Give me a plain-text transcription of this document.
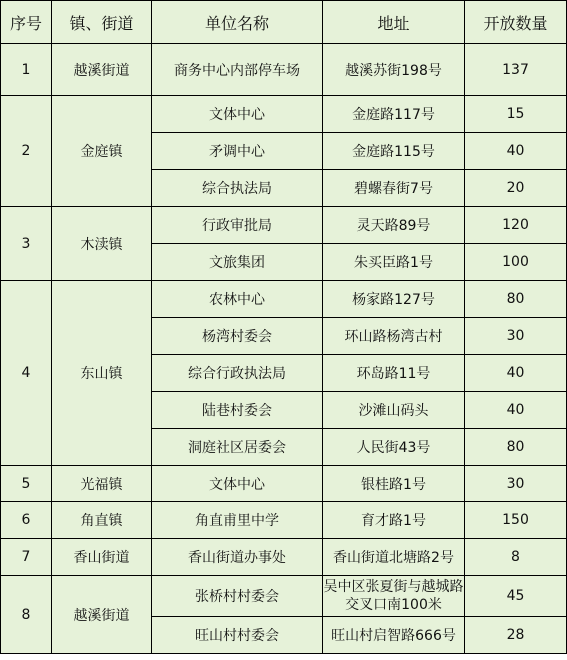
序号	镇、街道	单位名称	地址	开放数量
1	越溪街道	商务中心内部停车场	越溪苏街198号	137
2	金庭镇	文体中心	金庭路117号	15
		矛调中心	金庭路115号	40
		综合执法局	碧螺春街7号	20
3	木渎镇	行政审批局	灵天路89号	120
		文旅集团	朱买臣路1号	100
4	东山镇	农林中心	杨家路127号	80
		杨湾村委会	环山路杨湾古村	30
		综合行政执法局	环岛路11号	40
		陆巷村委会	沙滩山码头	40
		洞庭社区居委会	人民街43号	80
5	光福镇	文体中心	银桂路1号	30
6	角直镇	角直甫里中学	育才路1号	150
7	香山街道	香山街道办事处	香山街道北塘路2号	8
8	越溪街道	张桥村村委会	吴中区张夏街与越城路交叉口南100米	45
		旺山村村委会	旺山村启智路666号	28
